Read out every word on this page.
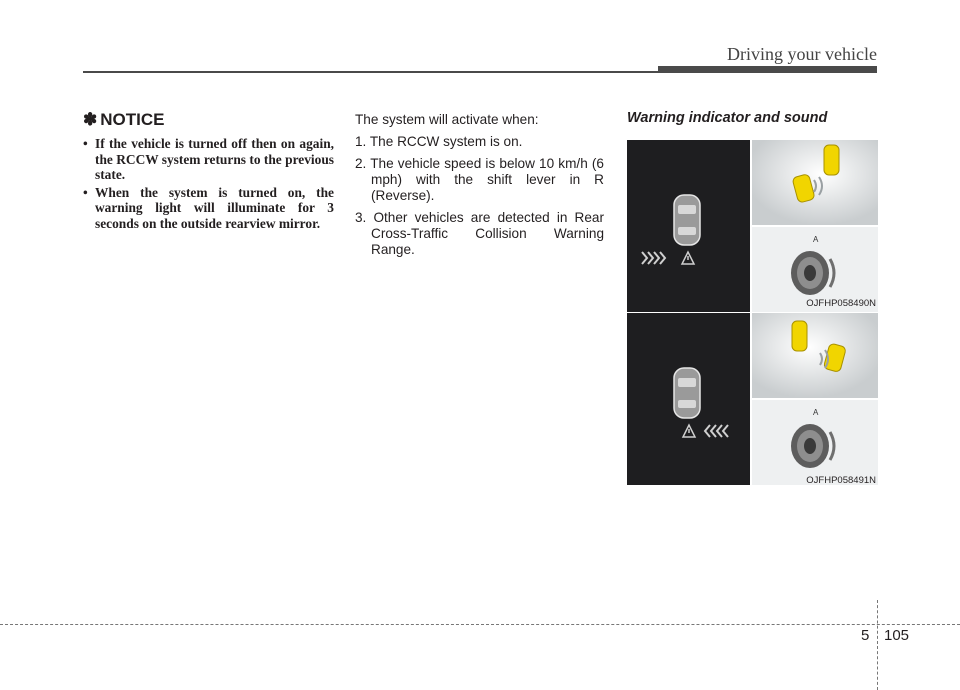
Driving your vehicle
✽ NOTICE
• If the vehicle is turned off then on again, the RCCW system returns to the previous state.
• When the system is turned on, the warning light will illuminate for 3 seconds on the outside rearview mirror.

The system will activate when:

1. The RCCW system is on.
2. The vehicle speed is below 10 km/h (6 mph) with the shift lever in R (Reverse).
3. Other vehicles are detected in Rear Cross-Traffic Collision Warning Range.
Warning indicator and sound
A
OJFHP058490N
A
OJFHP058491N
5 105
